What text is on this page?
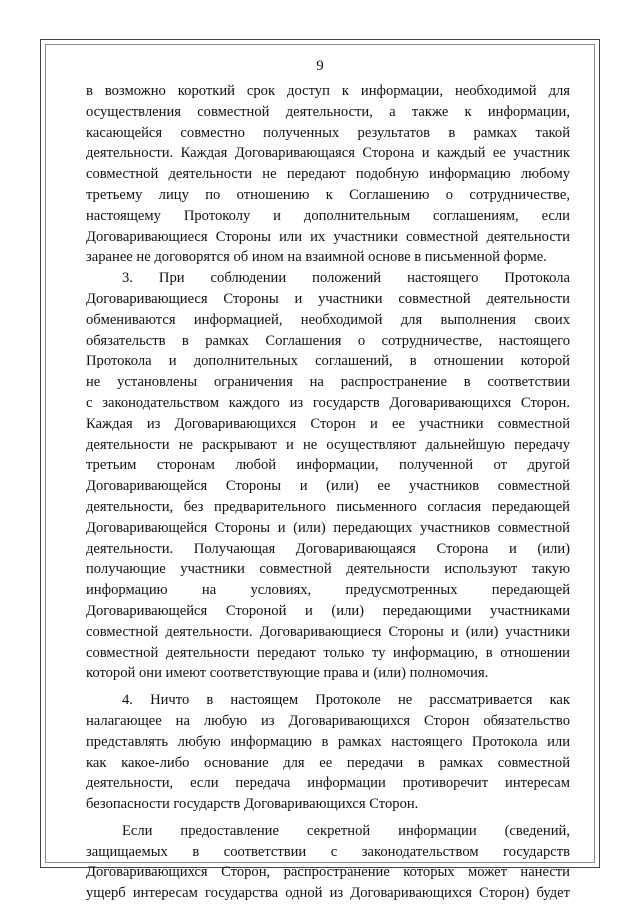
9
в возможно короткий срок доступ к информации, необходимой для
осуществления совместной деятельности, а также к информации,
касающейся совместно полученных результатов в рамках такой
деятельности. Каждая Договаривающаяся Сторона и каждый ее участник
совместной деятельности не передают подобную информацию любому
третьему лицу по отношению к Соглашению о сотрудничестве,
настоящему Протоколу и дополнительным соглашениям, если
Договаривающиеся Стороны или их участники совместной деятельности
заранее не договорятся об ином на взаимной основе в письменной форме.
3. При соблюдении положений настоящего Протокола
Договаривающиеся Стороны и участники совместной деятельности
обмениваются информацией, необходимой для выполнения своих
обязательств в рамках Соглашения о сотрудничестве, настоящего
Протокола и дополнительных соглашений, в отношении которой
не установлены ограничения на распространение в соответствии
с законодательством каждого из государств Договаривающихся Сторон.
Каждая из Договаривающихся Сторон и ее участники совместной
деятельности не раскрывают и не осуществляют дальнейшую передачу
третьим сторонам любой информации, полученной от другой
Договаривающейся Стороны и (или) ее участников совместной
деятельности, без предварительного письменного согласия передающей
Договаривающейся Стороны и (или) передающих участников совместной
деятельности. Получающая Договаривающаяся Сторона и (или)
получающие участники совместной деятельности используют такую
информацию на условиях, предусмотренных передающей
Договаривающейся Стороной и (или) передающими участниками
совместной деятельности. Договаривающиеся Стороны и (или) участники
совместной деятельности передают только ту информацию, в отношении
которой они имеют соответствующие права и (или) полномочия.
4. Ничто в настоящем Протоколе не рассматривается как
налагающее на любую из Договаривающихся Сторон обязательство
представлять любую информацию в рамках настоящего Протокола или
как какое-либо основание для ее передачи в рамках совместной
деятельности, если передача информации противоречит интересам
безопасности государств Договаривающихся Сторон.
Если предоставление секретной информации (сведений,
защищаемых в соответствии с законодательством государств
Договаривающихся Сторон, распространение которых может нанести
ущерб интересам государства одной из Договаривающихся Сторон) будет
